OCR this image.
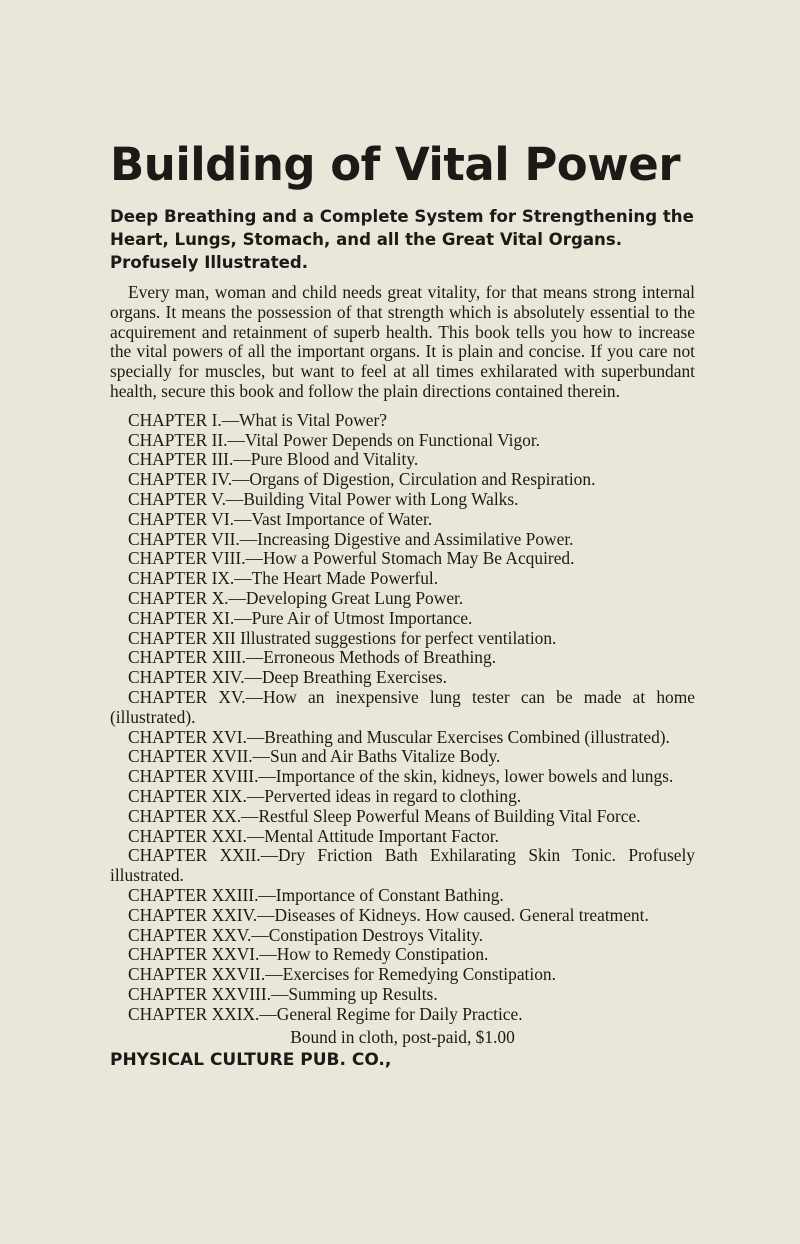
Building of Vital Power

Deep Breathing and a Complete System for Strengthening the Heart, Lungs, Stomach, and all the Great Vital Organs. Profusely Illustrated.

Every man, woman and child needs great vitality, for that means strong internal organs. It means the possession of that strength which is absolutely essential to the acquirement and retainment of superb health. This book tells you how to increase the vital powers of all the important organs. It is plain and concise. If you care not specially for muscles, but want to feel at all times exhilarated with superbundant health, secure this book and follow the plain directions contained therein.

CHAPTER I.—What is Vital Power?

CHAPTER II.—Vital Power Depends on Functional Vigor.

CHAPTER III.—Pure Blood and Vitality.

CHAPTER IV.—Organs of Digestion, Circulation and Respiration.

CHAPTER V.—Building Vital Power with Long Walks.

CHAPTER VI.—Vast Importance of Water.

CHAPTER VII.—Increasing Digestive and Assimilative Power.

CHAPTER VIII.—How a Powerful Stomach May Be Acquired.

CHAPTER IX.—The Heart Made Powerful.

CHAPTER X.—Developing Great Lung Power.

CHAPTER XI.—Pure Air of Utmost Importance.

CHAPTER XII Illustrated suggestions for perfect ventilation.

CHAPTER XIII.—Erroneous Methods of Breathing.

CHAPTER XIV.—Deep Breathing Exercises.

CHAPTER XV.—How an inexpensive lung tester can be made at home (illustrated).

CHAPTER XVI.—Breathing and Muscular Exercises Combined (illustrated).

CHAPTER XVII.—Sun and Air Baths Vitalize Body.

CHAPTER XVIII.—Importance of the skin, kidneys, lower bowels and lungs.

CHAPTER XIX.—Perverted ideas in regard to clothing.

CHAPTER XX.—Restful Sleep Powerful Means of Building Vital Force.

CHAPTER XXI.—Mental Attitude Important Factor.

CHAPTER XXII.—Dry Friction Bath Exhilarating Skin Tonic. Profusely illustrated.

CHAPTER XXIII.—Importance of Constant Bathing.

CHAPTER XXIV.—Diseases of Kidneys. How caused. General treatment.

CHAPTER XXV.—Constipation Destroys Vitality.

CHAPTER XXVI.—How to Remedy Constipation.

CHAPTER XXVII.—Exercises for Remedying Constipation.

CHAPTER XXVIII.—Summing up Results.

CHAPTER XXIX.—General Regime for Daily Practice.

Bound in cloth, post-paid, $1.00

PHYSICAL CULTURE PUB. CO.,
